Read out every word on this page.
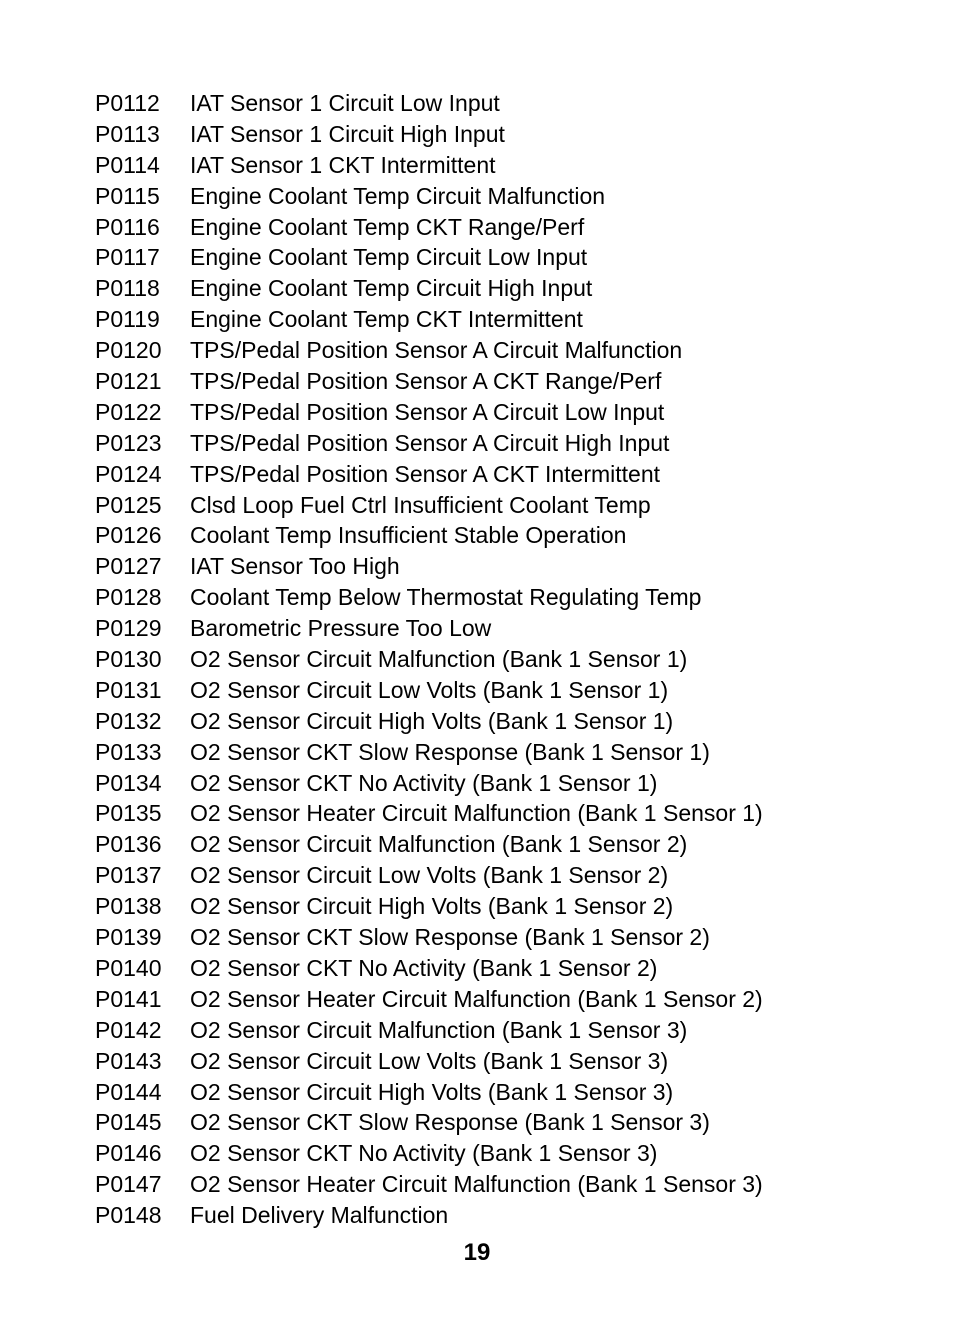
P0112	IAT Sensor 1 Circuit Low Input
P0113	IAT Sensor 1 Circuit High Input
P0114	IAT Sensor 1 CKT Intermittent
P0115	Engine Coolant Temp Circuit Malfunction
P0116	Engine Coolant Temp CKT Range/Perf
P0117	Engine Coolant Temp Circuit Low Input
P0118	Engine Coolant Temp Circuit High Input
P0119	Engine Coolant Temp CKT Intermittent
P0120	TPS/Pedal Position Sensor A Circuit Malfunction
P0121	TPS/Pedal Position Sensor A CKT Range/Perf
P0122	TPS/Pedal Position Sensor A Circuit Low Input
P0123	TPS/Pedal Position Sensor A Circuit High Input
P0124	TPS/Pedal Position Sensor A CKT Intermittent
P0125	Clsd Loop Fuel Ctrl Insufficient Coolant Temp
P0126	Coolant Temp Insufficient Stable Operation
P0127	IAT Sensor Too High
P0128	Coolant Temp Below Thermostat Regulating Temp
P0129	Barometric Pressure Too Low
P0130	O2 Sensor Circuit Malfunction (Bank 1 Sensor 1)
P0131	O2 Sensor Circuit Low Volts (Bank 1 Sensor 1)
P0132	O2 Sensor Circuit High Volts (Bank 1 Sensor 1)
P0133	O2 Sensor CKT Slow Response (Bank 1 Sensor 1)
P0134	O2 Sensor CKT No Activity (Bank 1 Sensor 1)
P0135	O2 Sensor Heater Circuit Malfunction (Bank 1 Sensor 1)
P0136	O2 Sensor Circuit Malfunction (Bank 1 Sensor 2)
P0137	O2 Sensor Circuit Low Volts (Bank 1 Sensor 2)
P0138	O2 Sensor Circuit High Volts (Bank 1 Sensor 2)
P0139	O2 Sensor CKT Slow Response (Bank 1 Sensor 2)
P0140	O2 Sensor CKT No Activity (Bank 1 Sensor 2)
P0141	O2 Sensor Heater Circuit Malfunction (Bank 1 Sensor 2)
P0142	O2 Sensor Circuit Malfunction (Bank 1 Sensor 3)
P0143	O2 Sensor Circuit Low Volts (Bank 1 Sensor 3)
P0144	O2 Sensor Circuit High Volts (Bank 1 Sensor 3)
P0145	O2 Sensor CKT Slow Response (Bank 1 Sensor 3)
P0146	O2 Sensor CKT No Activity (Bank 1 Sensor 3)
P0147	O2 Sensor Heater Circuit Malfunction (Bank 1 Sensor 3)
P0148	Fuel Delivery Malfunction
19
